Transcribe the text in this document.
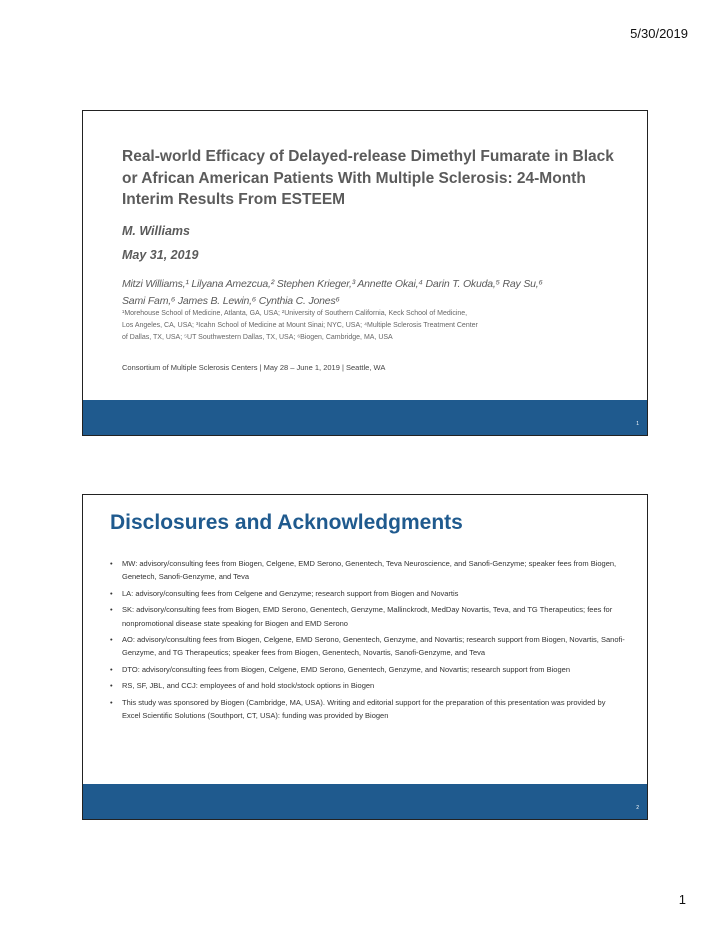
5/30/2019
Real-world Efficacy of Delayed-release Dimethyl Fumarate in Black or African American Patients With Multiple Sclerosis: 24-Month Interim Results From ESTEEM
M. Williams
May 31, 2019
Mitzi Williams,¹ Lilyana Amezcua,² Stephen Krieger,³ Annette Okai,⁴ Darin T. Okuda,⁵ Ray Su,⁶
Sami Fam,⁶ James B. Lewin,⁶ Cynthia C. Jones⁶
¹Morehouse School of Medicine, Atlanta, GA, USA; ²University of Southern California, Keck School of Medicine,
Los Angeles, CA, USA; ³Icahn School of Medicine at Mount Sinai; NYC, USA; ⁴Multiple Sclerosis Treatment Center
of Dallas, TX, USA; ⁵UT Southwestern Dallas, TX, USA; ⁶Biogen, Cambridge, MA, USA
Consortium of Multiple Sclerosis Centers | May 28 – June 1, 2019 | Seattle, WA
1
Disclosures and Acknowledgments
• MW: advisory/consulting fees from Biogen, Celgene, EMD Serono, Genentech, Teva Neuroscience, and Sanofi-Genzyme; speaker fees from Biogen, Genetech, Sanofi-Genzyme, and Teva
• LA: advisory/consulting fees from Celgene and Genzyme; research support from Biogen and Novartis
• SK: advisory/consulting fees from Biogen, EMD Serono, Genentech, Genzyme, Mallinckrodt, MedDay Novartis, Teva, and TG Therapeutics; fees for nonpromotional disease state speaking for Biogen and EMD Serono
• AO: advisory/consulting fees from Biogen, Celgene, EMD Serono, Genentech, Genzyme, and Novartis; research support from Biogen, Novartis, Sanofi-Genzyme, and TG Therapeutics; speaker fees from Biogen, Genentech, Novartis, Sanofi-Genzyme, and Teva
• DTO: advisory/consulting fees from Biogen, Celgene, EMD Serono, Genentech, Genzyme, and Novartis; research support from Biogen
• RS, SF, JBL, and CCJ: employees of and hold stock/stock options in Biogen
• This study was sponsored by Biogen (Cambridge, MA, USA). Writing and editorial support for the preparation of this presentation was provided by Excel Scientific Solutions (Southport, CT, USA): funding was provided by Biogen
2
1
